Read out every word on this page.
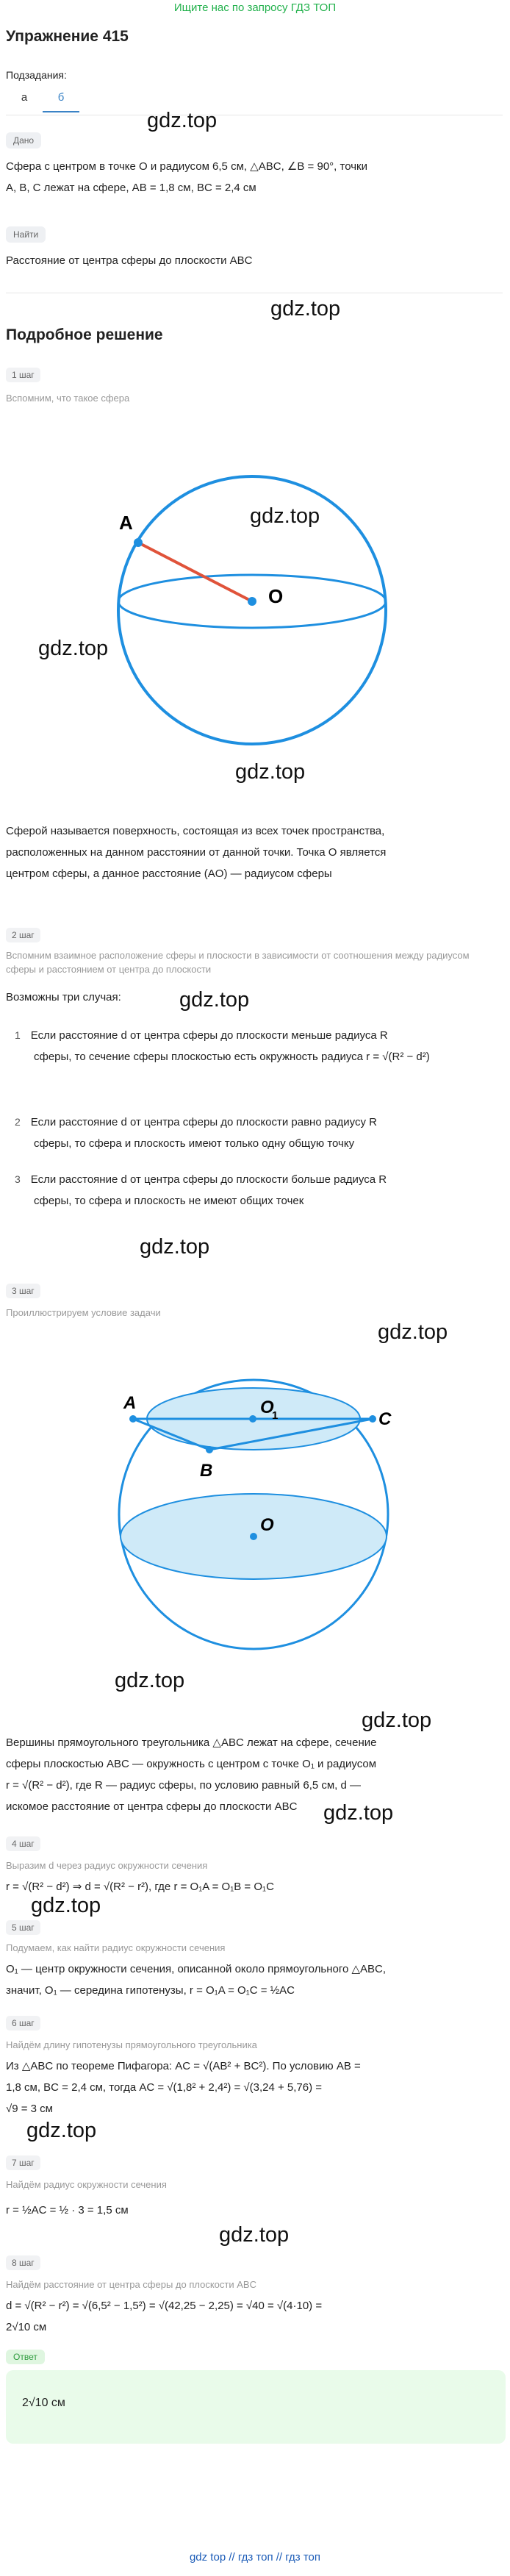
Ищите нас по запросу ГДЗ ТОП
Упражнение 415
Подзадания:
а	б
gdz.top
Дано
Сфера с центром в точке O и радиусом 6,5 см, △ABC, ∠B = 90°, точки
A, B, C лежат на сфере, AB = 1,8 см, BC = 2,4 см
Найти
Расстояние от центра сферы до плоскости ABC
gdz.top
Подробное решение
1 шаг
Вспомним, что такое сфера
A
O
gdz.top
gdz.top
gdz.top
Сферой называется поверхность, состоящая из всех точек пространства,
расположенных на данном расстоянии от данной точки. Точка O является
центром сферы, а данное расстояние (AO) — радиусом сферы
2 шаг
Вспомним взаимное расположение сферы и плоскости в зависимости от соотношения между радиусом сферы и расстоянием от центра до плоскости
Возможны три случая:	gdz.top
1 Если расстояние d от центра сферы до плоскости меньше радиуса R
сферы, то сечение сферы плоскостью есть окружность радиуса r = √(R² − d²)
2 Если расстояние d от центра сферы до плоскости равно радиусу R
сферы, то сфера и плоскость имеют только одну общую точку
3 Если расстояние d от центра сферы до плоскости больше радиуса R
сферы, то сфера и плоскость не имеют общих точек
gdz.top
3 шаг
Проиллюстрируем условие задачи
gdz.top
A
C
B
O
1
O
gdz.top
gdz.top
Вершины прямоугольного треугольника △ABC лежат на сфере, сечение
сферы плоскостью ABC — окружность с центром с точке O₁ и радиусом
r = √(R² − d²), где R — радиус сферы, по условию равный 6,5 см, d —
искомое расстояние от центра сферы до плоскости ABC	gdz.top
4 шаг
Выразим d через радиус окружности сечения
r = √(R² − d²) ⇒ d = √(R² − r²), где r = O₁A = O₁B = O₁C
gdz.top
5 шаг
Подумаем, как найти радиус окружности сечения
O₁ — центр окружности сечения, описанной около прямоугольного △ABC,
значит, O₁ — середина гипотенузы, r = O₁A = O₁C = ½AC
6 шаг
Найдём длину гипотенузы прямоугольного треугольника
Из △ABC по теореме Пифагора: AC = √(AB² + BC²). По условию AB =
1,8 см, BC = 2,4 см, тогда AC = √(1,8² + 2,4²) = √(3,24 + 5,76) =
√9 = 3 см
gdz.top
7 шаг
Найдём радиус окружности сечения
r = ½AC = ½ · 3 = 1,5 см
gdz.top
8 шаг
Найдём расстояние от центра сферы до плоскости ABC
d = √(R² − r²) = √(6,5² − 1,5²) = √(42,25 − 2,25) = √40 = √(4·10) =
2√10 см
Ответ
2√10 см
gdz top // гдз топ // гдз топ
